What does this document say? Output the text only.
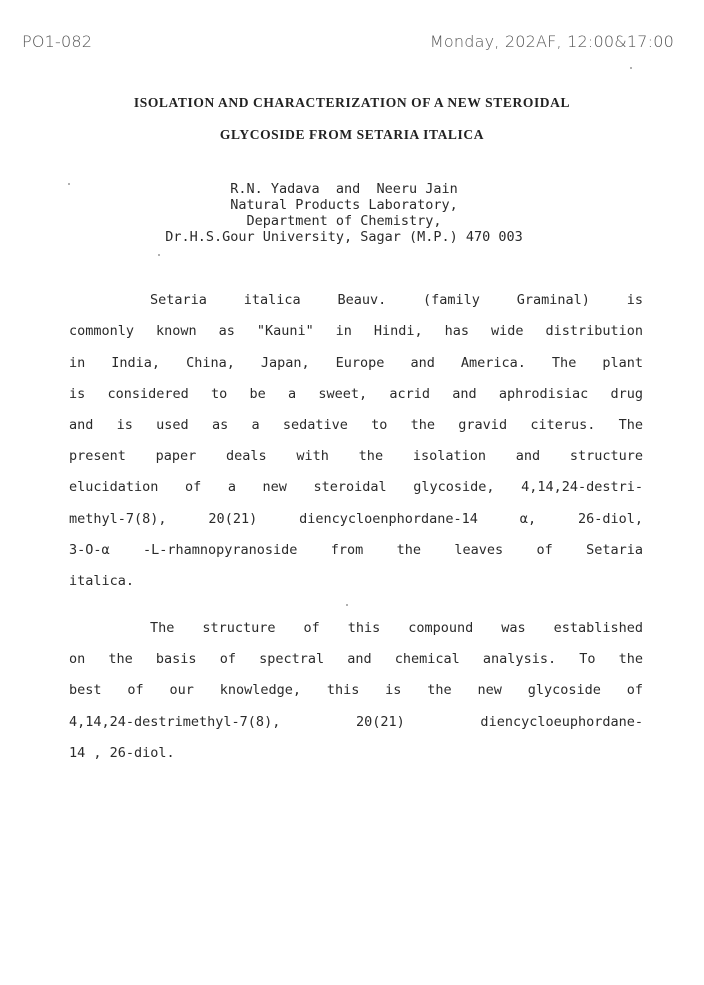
PO1-082	Monday, 202AF, 12:00&17:00
ISOLATION AND CHARACTERIZATION OF A NEW STEROIDAL
GLYCOSIDE FROM SETARIA ITALICA
R.N. Yadava  and  Neeru Jain
Natural Products Laboratory,
Department of Chemistry,
Dr.H.S.Gour University, Sagar (M.P.) 470 003
Setaria italica Beauv. (family Graminal) is
commonly known as "Kauni" in Hindi, has wide distribution
in India, China, Japan, Europe and America. The plant
is considered to be a sweet, acrid and aphrodisiac drug
and is used as a sedative to the gravid citerus. The
present paper deals with the isolation and structure
elucidation of a new steroidal glycoside, 4,14,24-destri-
methyl-7(8), 20(21) diencycloenphordane-14 α, 26-diol,
3-O-α -L-rhamnopyranoside from the leaves of Setaria
italica.
The structure of this compound was established
on the basis of spectral and chemical analysis. To the
best of our knowledge, this is the new glycoside of
4,14,24-destrimethyl-7(8), 20(21) diencycloeuphordane-
14 , 26-diol.
